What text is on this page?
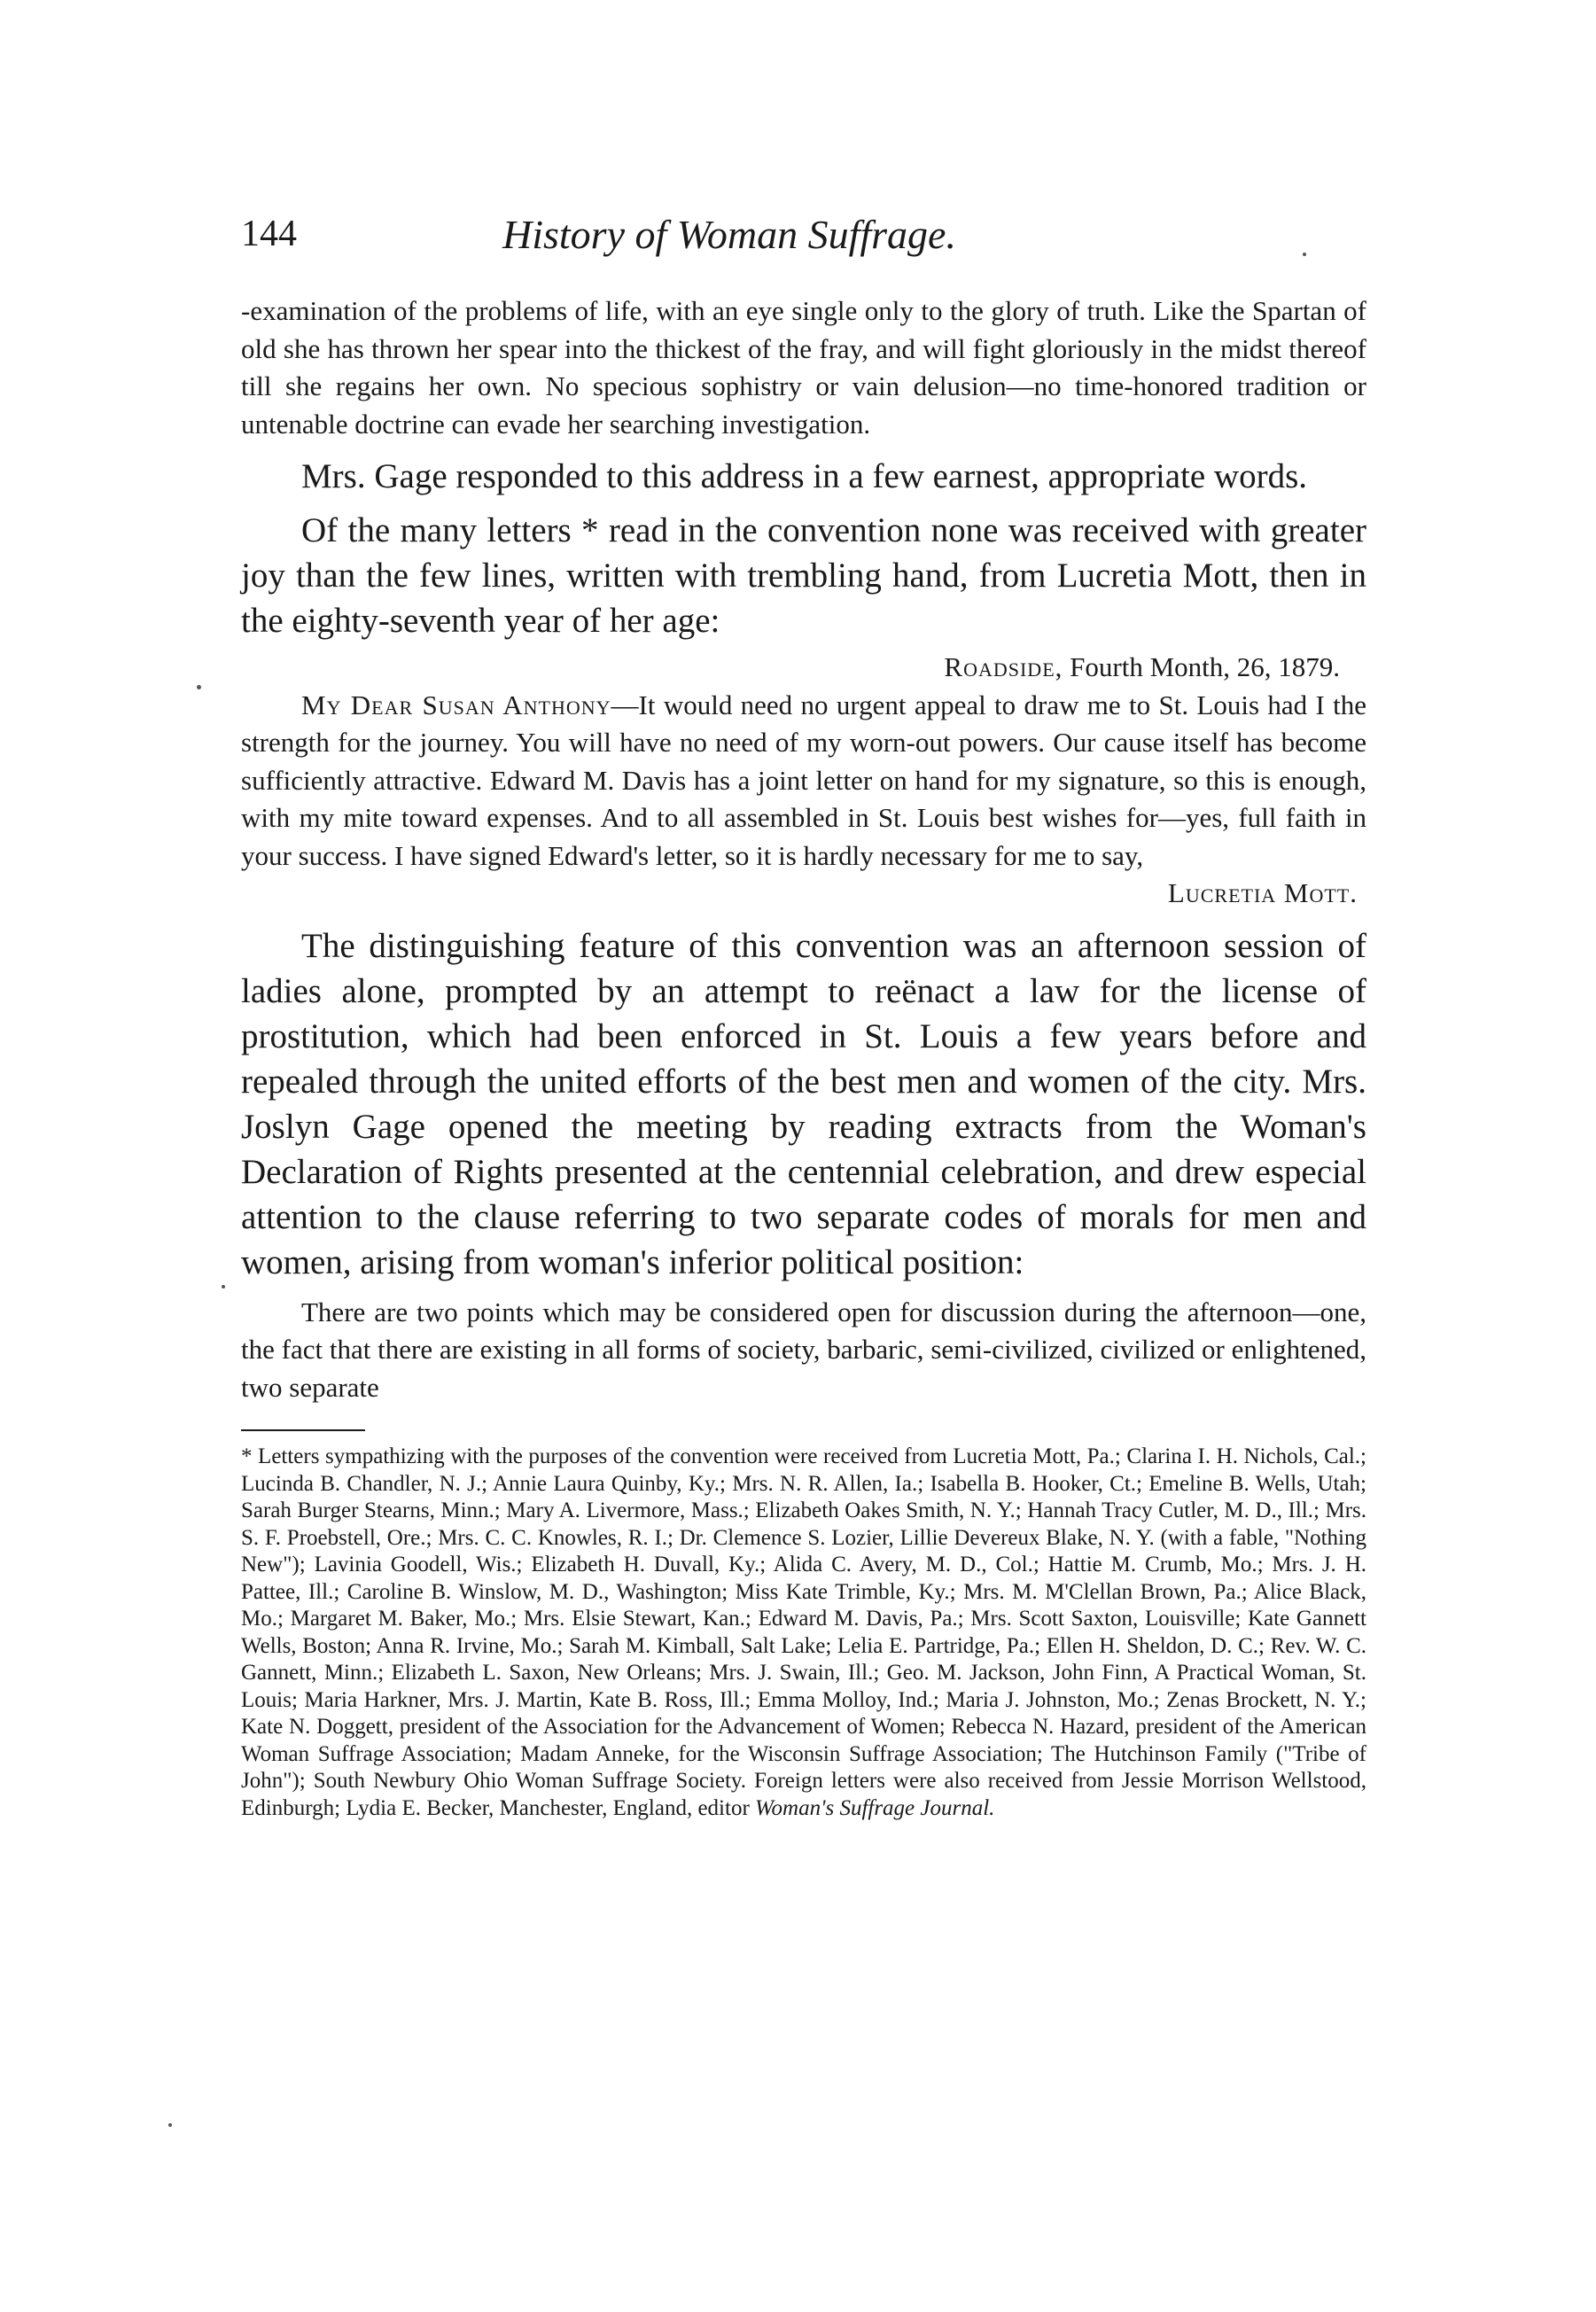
144	History of Woman Suffrage.

-examination of the problems of life, with an eye single only to the glory of truth. Like the Spartan of old she has thrown her spear into the thickest of the fray, and will fight gloriously in the midst thereof till she regains her own. No specious sophistry or vain delusion—no time-honored tradition or untenable doctrine can evade her searching investigation.

Mrs. Gage responded to this address in a few earnest, appropriate words.

Of the many letters * read in the convention none was received with greater joy than the few lines, written with trembling hand, from Lucretia Mott, then in the eighty-seventh year of her age:

Roadside, Fourth Month, 26, 1879.

My Dear Susan Anthony—It would need no urgent appeal to draw me to St. Louis had I the strength for the journey. You will have no need of my worn-out powers. Our cause itself has become sufficiently attractive. Edward M. Davis has a joint letter on hand for my signature, so this is enough, with my mite toward expenses. And to all assembled in St. Louis best wishes for—yes, full faith in your success. I have signed Edward's letter, so it is hardly necessary for me to say,

Lucretia Mott.

The distinguishing feature of this convention was an afternoon session of ladies alone, prompted by an attempt to reënact a law for the license of prostitution, which had been enforced in St. Louis a few years before and repealed through the united efforts of the best men and women of the city. Mrs. Joslyn Gage opened the meeting by reading extracts from the Woman's Declaration of Rights presented at the centennial celebration, and drew especial attention to the clause referring to two separate codes of morals for men and women, arising from woman's inferior political position:

There are two points which may be considered open for discussion during the afternoon—one, the fact that there are existing in all forms of society, barbaric, semi-civilized, civilized or enlightened, two separate

* Letters sympathizing with the purposes of the convention were received from Lucretia Mott, Pa.; Clarina I. H. Nichols, Cal.; Lucinda B. Chandler, N. J.; Annie Laura Quinby, Ky.; Mrs. N. R. Allen, Ia.; Isabella B. Hooker, Ct.; Emeline B. Wells, Utah; Sarah Burger Stearns, Minn.; Mary A. Livermore, Mass.; Elizabeth Oakes Smith, N. Y.; Hannah Tracy Cutler, M. D., Ill.; Mrs. S. F. Proebstell, Ore.; Mrs. C. C. Knowles, R. I.; Dr. Clemence S. Lozier, Lillie Devereux Blake, N. Y. (with a fable, "Nothing New"); Lavinia Goodell, Wis.; Elizabeth H. Duvall, Ky.; Alida C. Avery, M. D., Col.; Hattie M. Crumb, Mo.; Mrs. J. H. Pattee, Ill.; Caroline B. Winslow, M. D., Washington; Miss Kate Trimble, Ky.; Mrs. M. M'Clellan Brown, Pa.; Alice Black, Mo.; Margaret M. Baker, Mo.; Mrs. Elsie Stewart, Kan.; Edward M. Davis, Pa.; Mrs. Scott Saxton, Louisville; Kate Gannett Wells, Boston; Anna R. Irvine, Mo.; Sarah M. Kimball, Salt Lake; Lelia E. Partridge, Pa.; Ellen H. Sheldon, D. C.; Rev. W. C. Gannett, Minn.; Elizabeth L. Saxon, New Orleans; Mrs. J. Swain, Ill.; Geo. M. Jackson, John Finn, A Practical Woman, St. Louis; Maria Harkner, Mrs. J. Martin, Kate B. Ross, Ill.; Emma Molloy, Ind.; Maria J. Johnston, Mo.; Zenas Brockett, N. Y.; Kate N. Doggett, president of the Association for the Advancement of Women; Rebecca N. Hazard, president of the American Woman Suffrage Association; Madam Anneke, for the Wisconsin Suffrage Association; The Hutchinson Family ("Tribe of John"); South Newbury Ohio Woman Suffrage Society. Foreign letters were also received from Jessie Morrison Wellstood, Edinburgh; Lydia E. Becker, Manchester, England, editor Woman's Suffrage Journal.
